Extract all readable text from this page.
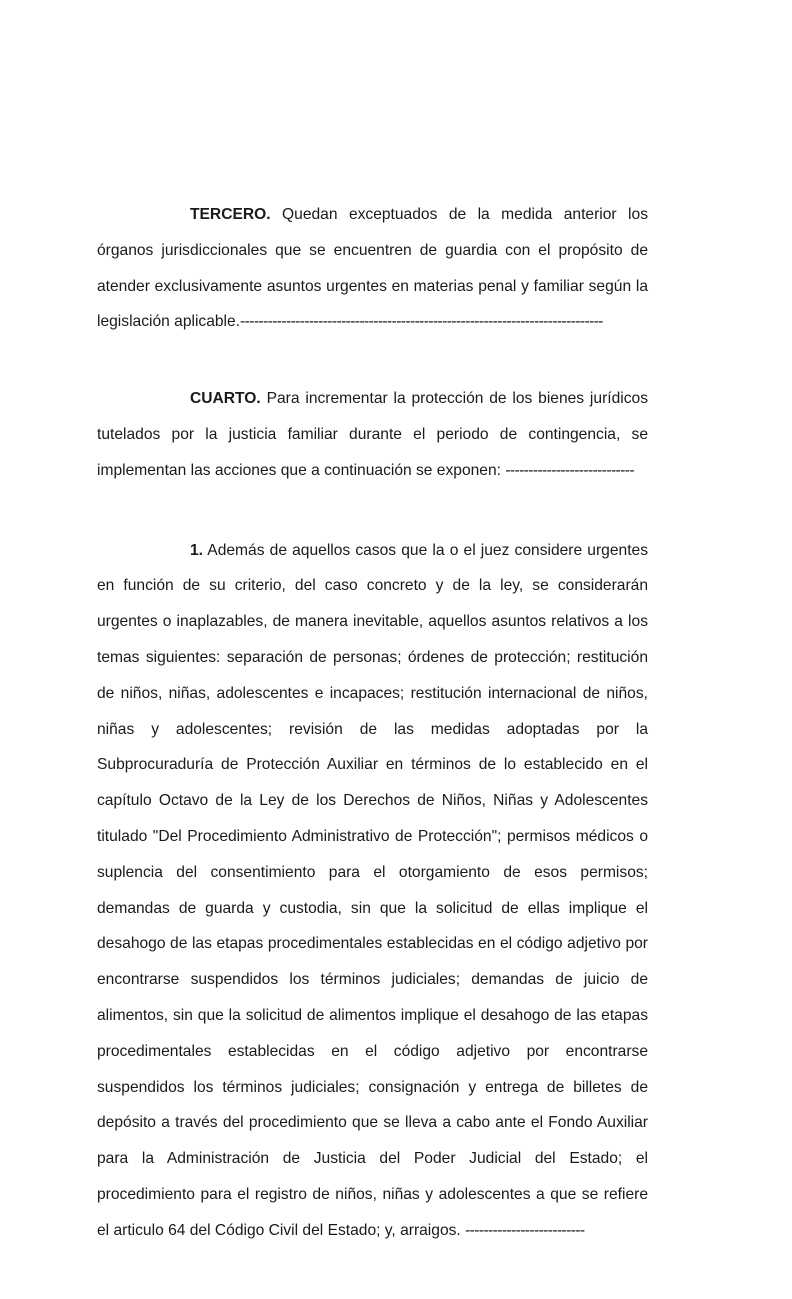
TERCERO. Quedan exceptuados de la medida anterior los órganos jurisdiccionales que se encuentren de guardia con el propósito de atender exclusivamente asuntos urgentes en materias penal y familiar según la legislación aplicable.-------------------------------------------------------------------------------

CUARTO. Para incrementar la protección de los bienes jurídicos tutelados por la justicia familiar durante el periodo de contingencia, se implementan las acciones que a continuación se exponen: ----------------------------

1. Además de aquellos casos que la o el juez considere urgentes en función de su criterio, del caso concreto y de la ley, se considerarán urgentes o inaplazables, de manera inevitable, aquellos asuntos relativos a los temas siguientes: separación de personas; órdenes de protección; restitución de niños, niñas, adolescentes e incapaces; restitución internacional de niños, niñas y adolescentes; revisión de las medidas adoptadas por la Subprocuraduría de Protección Auxiliar en términos de lo establecido en el capítulo Octavo de la Ley de los Derechos de Niños, Niñas y Adolescentes titulado "Del Procedimiento Administrativo de Protección"; permisos médicos o suplencia del consentimiento para el otorgamiento de esos permisos; demandas de guarda y custodia, sin que la solicitud de ellas implique el desahogo de las etapas procedimentales establecidas en el código adjetivo por encontrarse suspendidos los términos judiciales; demandas de juicio de alimentos, sin que la solicitud de alimentos implique el desahogo de las etapas procedimentales establecidas en el código adjetivo por encontrarse suspendidos los términos judiciales; consignación y entrega de billetes de depósito a través del procedimiento que se lleva a cabo ante el Fondo Auxiliar para la Administración de Justicia del Poder Judicial del Estado; el procedimiento para el registro de niños, niñas y adolescentes a que se refiere el articulo 64 del Código Civil del Estado; y, arraigos. --------------------------
